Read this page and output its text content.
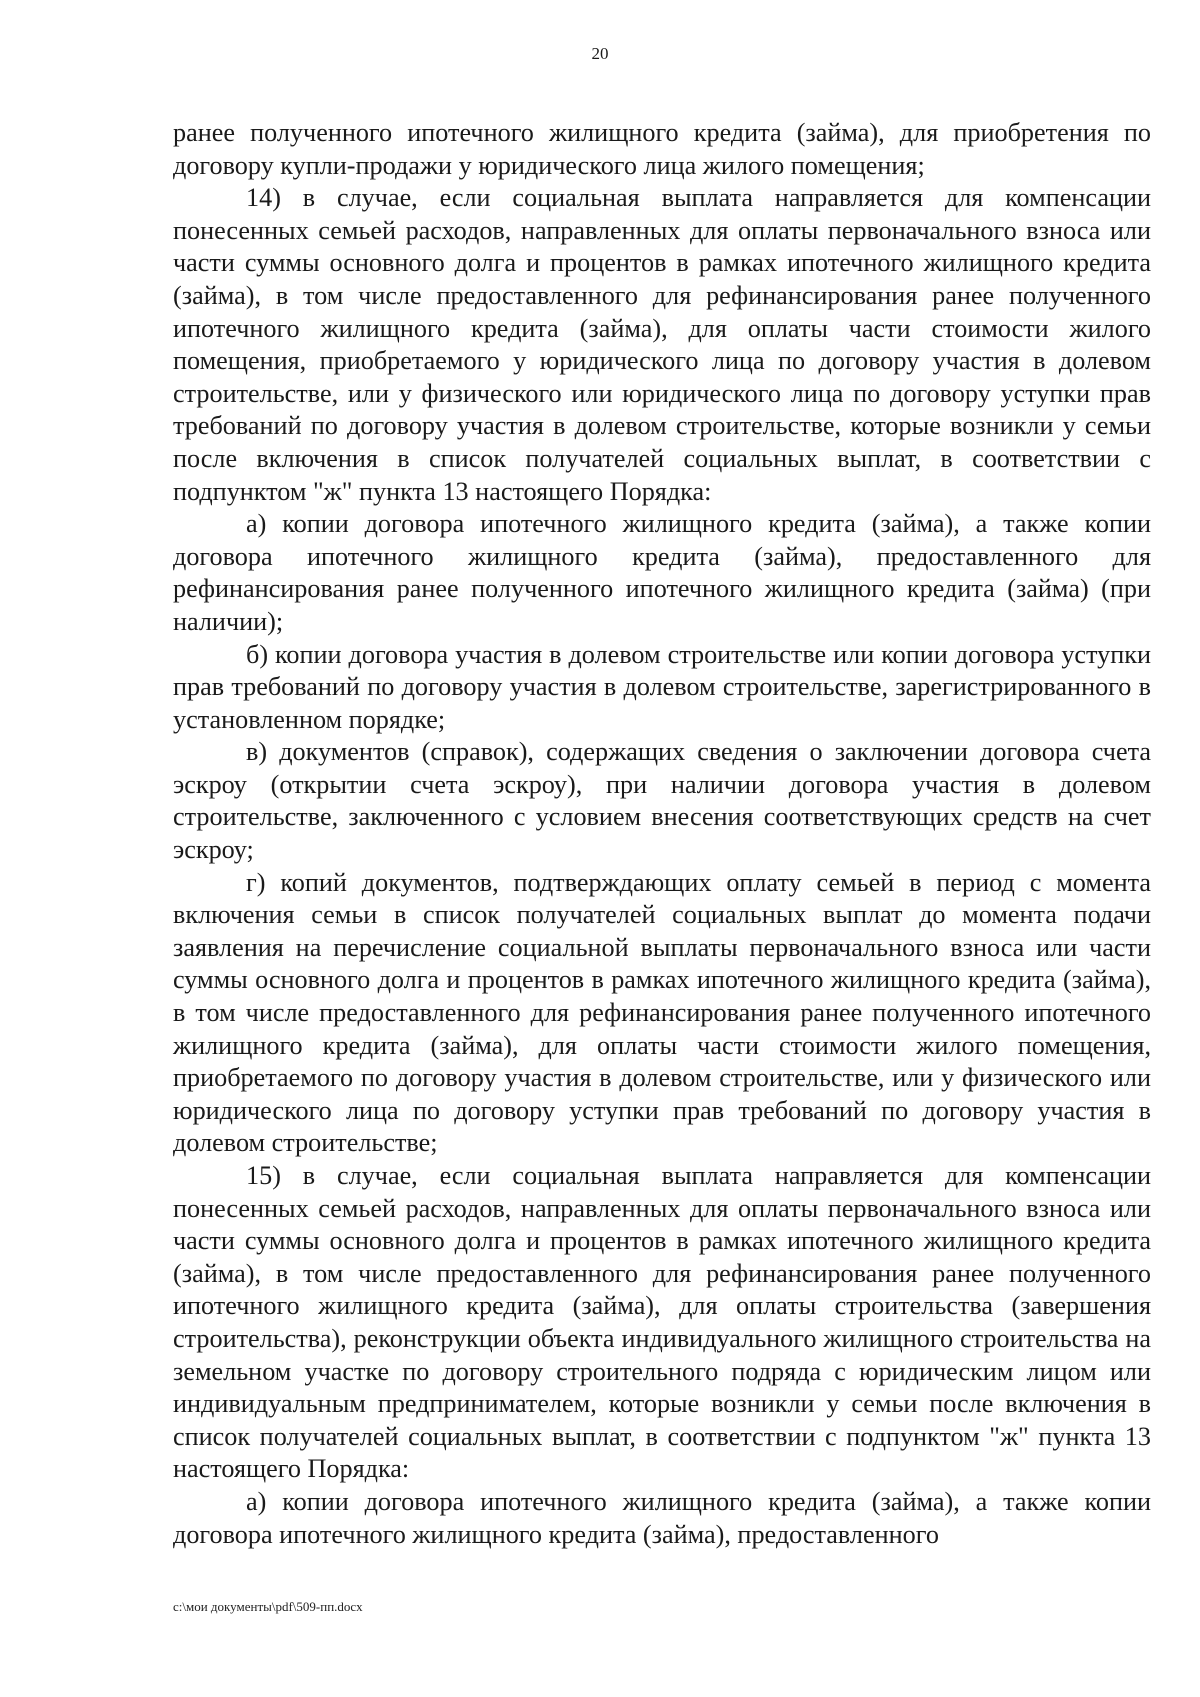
20

ранее полученного ипотечного жилищного кредита (займа), для приобретения по договору купли-продажи у юридического лица жилого помещения;

14) в случае, если социальная выплата направляется для компенсации понесенных семьей расходов, направленных для оплаты первоначального взноса или части суммы основного долга и процентов в рамках ипотечного жилищного кредита (займа), в том числе предоставленного для рефинансирования ранее полученного ипотечного жилищного кредита (займа), для оплаты части стоимости жилого помещения, приобретаемого у юридического лица по договору участия в долевом строительстве, или у физического или юридического лица по договору уступки прав требований по договору участия в долевом строительстве, которые возникли у семьи после включения в список получателей социальных выплат, в соответствии с подпунктом "ж" пункта 13 настоящего Порядка:

а) копии договора ипотечного жилищного кредита (займа), а также копии договора ипотечного жилищного кредита (займа), предоставленного для рефинансирования ранее полученного ипотечного жилищного кредита (займа) (при наличии);

б) копии договора участия в долевом строительстве или копии договора уступки прав требований по договору участия в долевом строительстве, зарегистрированного в установленном порядке;

в) документов (справок), содержащих сведения о заключении договора счета эскроу (открытии счета эскроу), при наличии договора участия в долевом строительстве, заключенного с условием внесения соответствующих средств на счет эскроу;

г) копий документов, подтверждающих оплату семьей в период с момента включения семьи в список получателей социальных выплат до момента подачи заявления на перечисление социальной выплаты первоначального взноса или части суммы основного долга и процентов в рамках ипотечного жилищного кредита (займа), в том числе предоставленного для рефинансирования ранее полученного ипотечного жилищного кредита (займа), для оплаты части стоимости жилого помещения, приобретаемого по договору участия в долевом строительстве, или у физического или юридического лица по договору уступки прав требований по договору участия в долевом строительстве;

15) в случае, если социальная выплата направляется для компенсации понесенных семьей расходов, направленных для оплаты первоначального взноса или части суммы основного долга и процентов в рамках ипотечного жилищного кредита (займа), в том числе предоставленного для рефинансирования ранее полученного ипотечного жилищного кредита (займа), для оплаты строительства (завершения строительства), реконструкции объекта индивидуального жилищного строительства на земельном участке по договору строительного подряда с юридическим лицом или индивидуальным предпринимателем, которые возникли у семьи после включения в список получателей социальных выплат, в соответствии с подпунктом "ж" пункта 13 настоящего Порядка:

а) копии договора ипотечного жилищного кредита (займа), а также копии договора ипотечного жилищного кредита (займа), предоставленного

c:\мои документы\pdf\509-пп.docx
